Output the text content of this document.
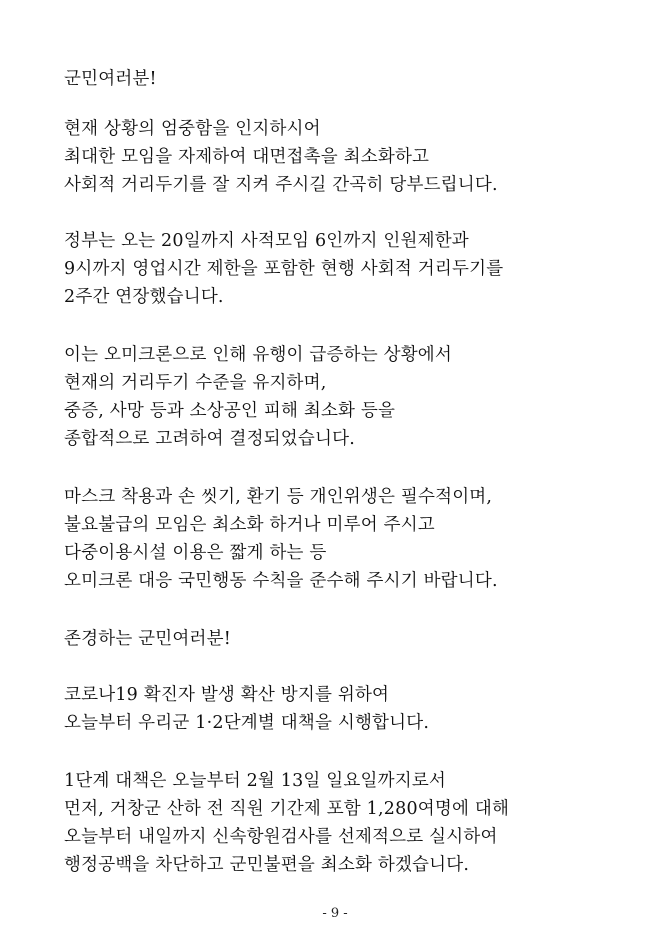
군민여러분!
현재 상황의 엄중함을 인지하시어
최대한 모임을 자제하여 대면접촉을 최소화하고
사회적 거리두기를 잘 지켜 주시길 간곡히 당부드립니다.
정부는 오는 20일까지 사적모임 6인까지 인원제한과
9시까지 영업시간 제한을 포함한 현행 사회적 거리두기를
2주간 연장했습니다.
이는 오미크론으로 인해 유행이 급증하는 상황에서
현재의 거리두기 수준을 유지하며,
중증, 사망 등과 소상공인 피해 최소화 등을
종합적으로 고려하여 결정되었습니다.
마스크 착용과 손 씻기, 환기 등 개인위생은 필수적이며,
불요불급의 모임은 최소화 하거나 미루어 주시고
다중이용시설 이용은 짧게 하는 등
오미크론 대응 국민행동 수칙을 준수해 주시기 바랍니다.
존경하는 군민여러분!
코로나19 확진자 발생 확산 방지를 위하여
오늘부터 우리군 1·2단계별 대책을 시행합니다.
1단계 대책은 오늘부터 2월 13일 일요일까지로서
먼저, 거창군 산하 전 직원 기간제 포함 1,280여명에 대해
오늘부터 내일까지 신속항원검사를 선제적으로 실시하여
행정공백을 차단하고 군민불편을 최소화 하겠습니다.
- 9 -
